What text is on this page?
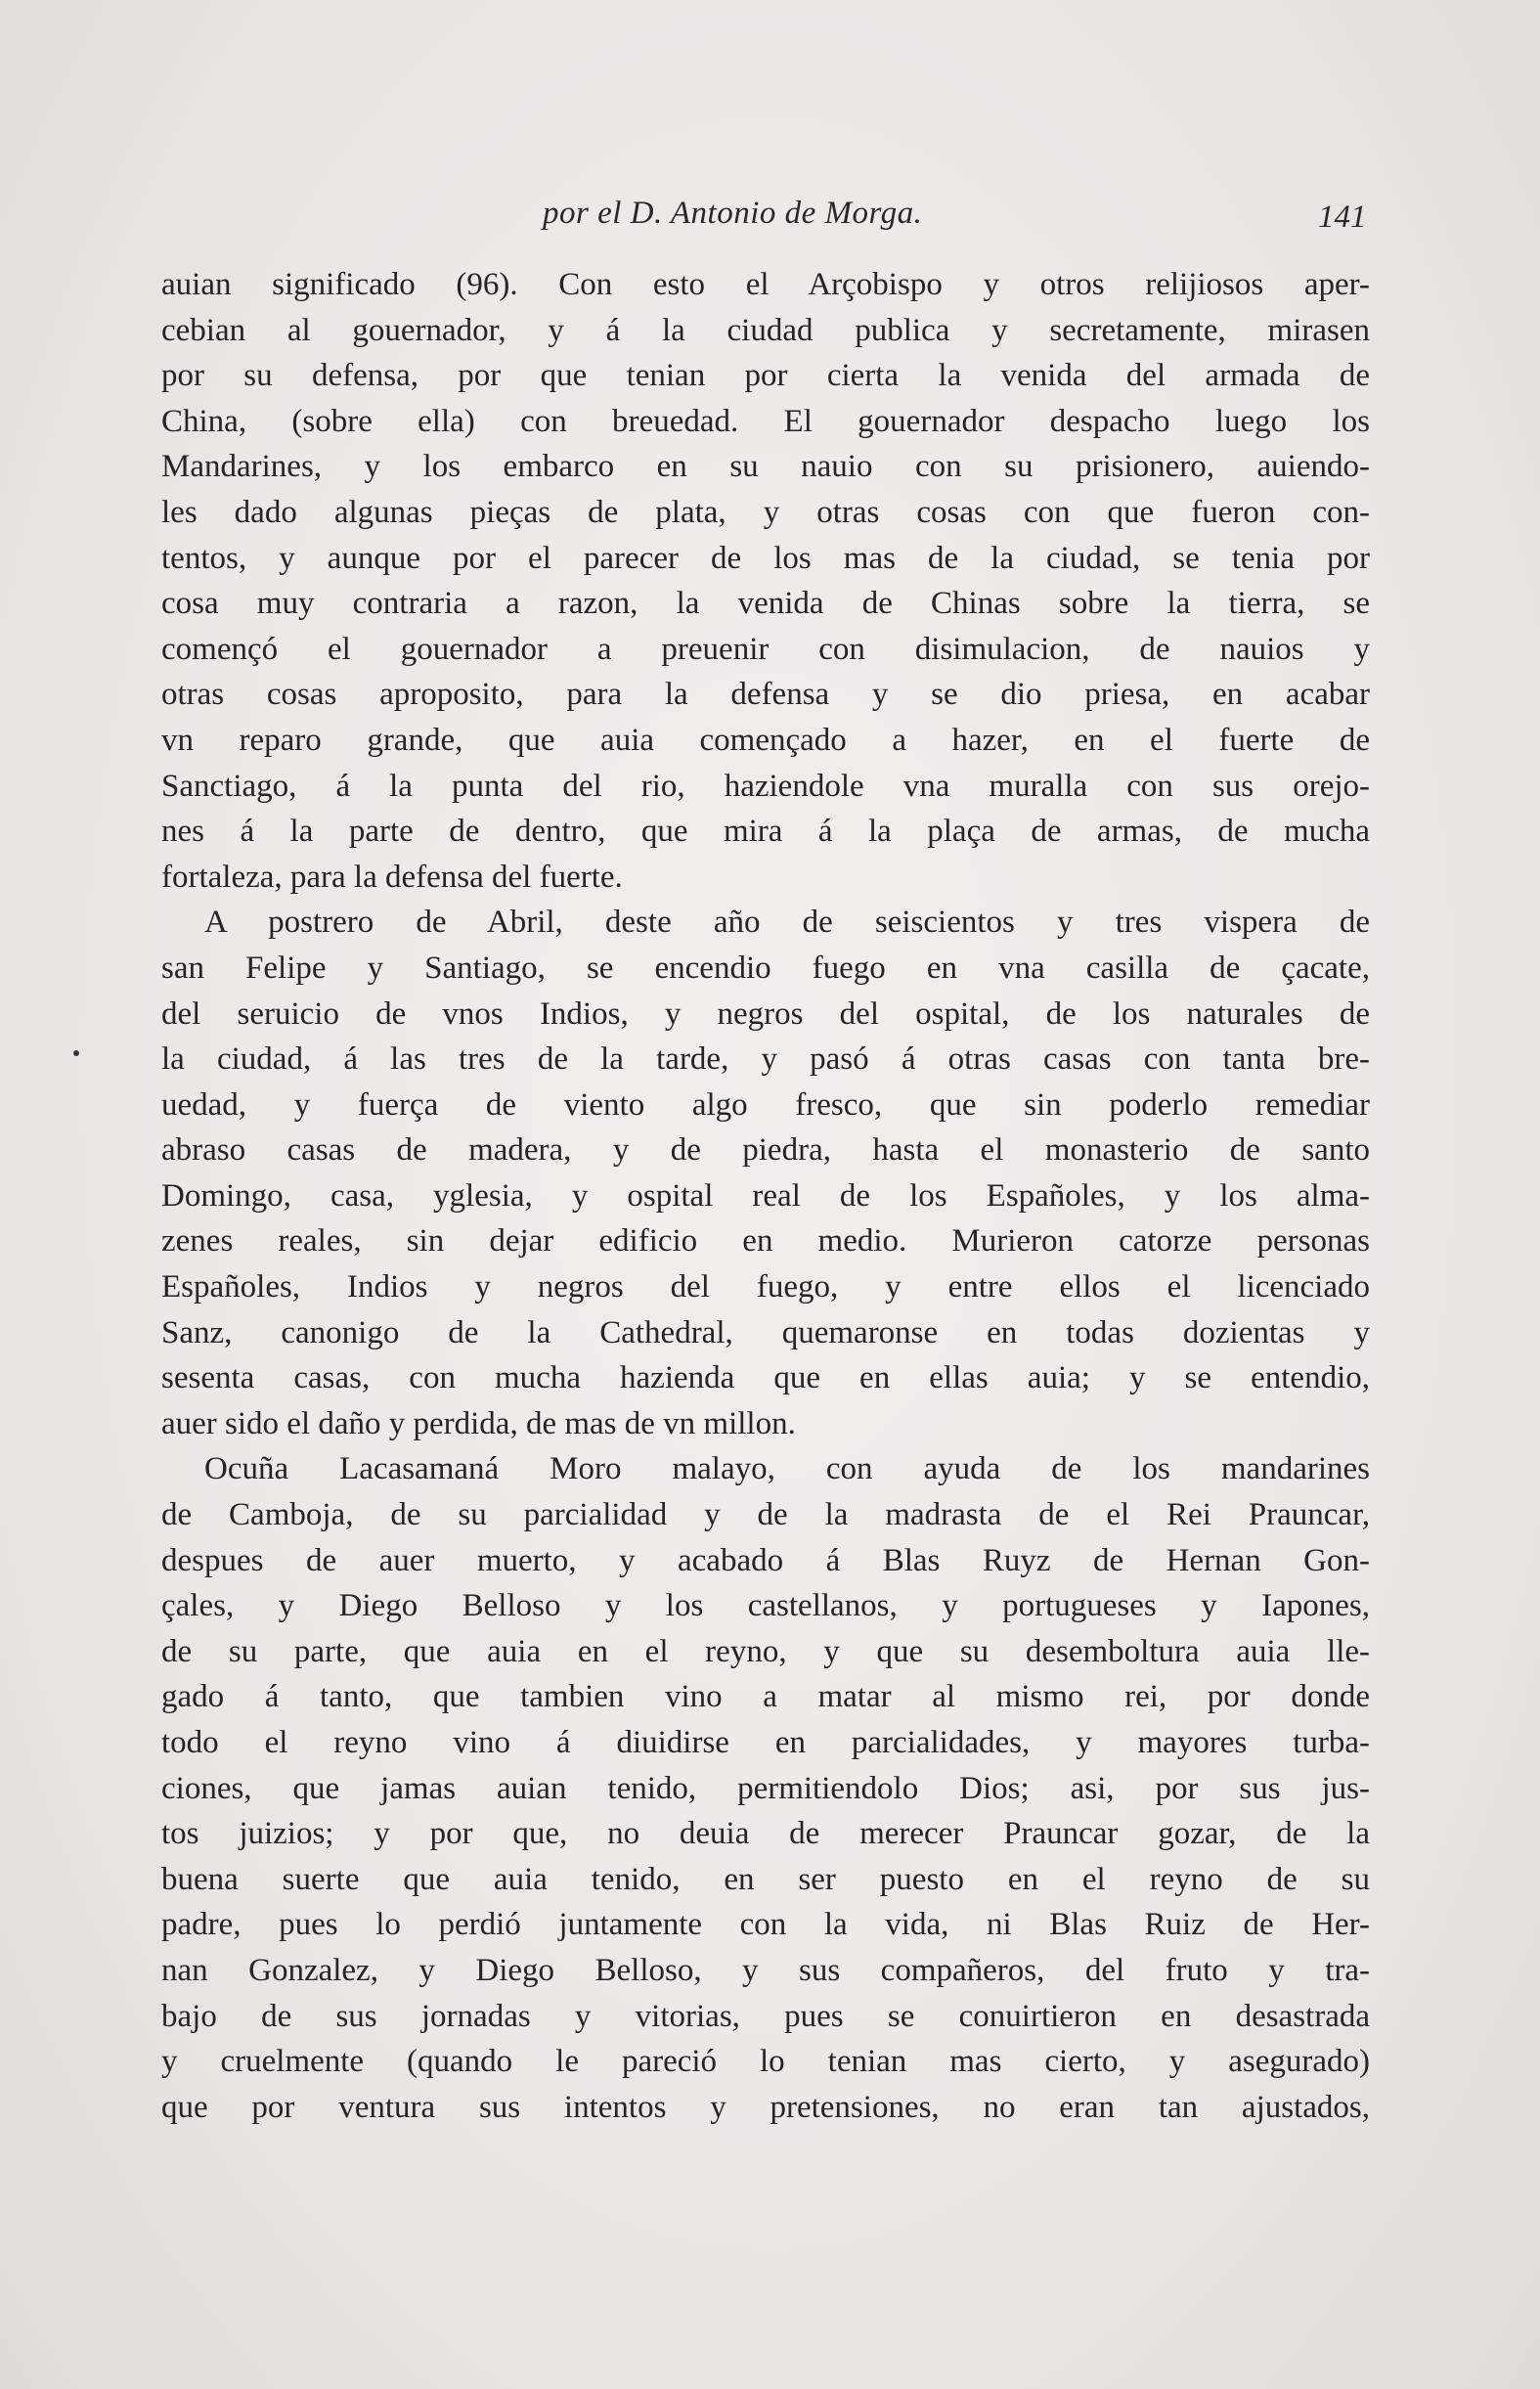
por el D. Antonio de Morga.	141
auian significado (96). Con esto el Arçobispo y otros relijiosos aper-
cebian al gouernador, y á la ciudad publica y secretamente, mirasen
por su defensa, por que tenian por cierta la venida del armada de
China, (sobre ella) con breuedad. El gouernador despacho luego los
Mandarines, y los embarco en su nauio con su prisionero, auiendo-
les dado algunas pieças de plata, y otras cosas con que fueron con-
tentos, y aunque por el parecer de los mas de la ciudad, se tenia por
cosa muy contraria a razon, la venida de Chinas sobre la tierra, se
començó el gouernador a preuenir con disimulacion, de nauios y
otras cosas aproposito, para la defensa y se dio priesa, en acabar
vn reparo grande, que auia començado a hazer, en el fuerte de
Sanctiago, á la punta del rio, haziendole vna muralla con sus orejo-
nes á la parte de dentro, que mira á la plaça de armas, de mucha
fortaleza, para la defensa del fuerte.
A postrero de Abril, deste año de seiscientos y tres vispera de
san Felipe y Santiago, se encendio fuego en vna casilla de çacate,
del seruicio de vnos Indios, y negros del ospital, de los naturales de
la ciudad, á las tres de la tarde, y pasó á otras casas con tanta bre-
uedad, y fuerça de viento algo fresco, que sin poderlo remediar
abraso casas de madera, y de piedra, hasta el monasterio de santo
Domingo, casa, yglesia, y ospital real de los Españoles, y los alma-
zenes reales, sin dejar edificio en medio. Murieron catorze personas
Españoles, Indios y negros del fuego, y entre ellos el licenciado
Sanz, canonigo de la Cathedral, quemaronse en todas dozientas y
sesenta casas, con mucha hazienda que en ellas auia; y se entendio,
auer sido el daño y perdida, de mas de vn millon.
Ocuña Lacasamaná Moro malayo, con ayuda de los mandarines
de Camboja, de su parcialidad y de la madrasta de el Rei Prauncar,
despues de auer muerto, y acabado á Blas Ruyz de Hernan Gon-
çales, y Diego Belloso y los castellanos, y portugueses y Iapones,
de su parte, que auia en el reyno, y que su desemboltura auia lle-
gado á tanto, que tambien vino a matar al mismo rei, por donde
todo el reyno vino á diuidirse en parcialidades, y mayores turba-
ciones, que jamas auian tenido, permitiendolo Dios; asi, por sus jus-
tos juizios; y por que, no deuia de merecer Prauncar gozar, de la
buena suerte que auia tenido, en ser puesto en el reyno de su
padre, pues lo perdió juntamente con la vida, ni Blas Ruiz de Her-
nan Gonzalez, y Diego Belloso, y sus compañeros, del fruto y tra-
bajo de sus jornadas y vitorias, pues se conuirtieron en desastrada
y cruelmente (quando le pareció lo tenian mas cierto, y asegurado)
que por ventura sus intentos y pretensiones, no eran tan ajustados,
